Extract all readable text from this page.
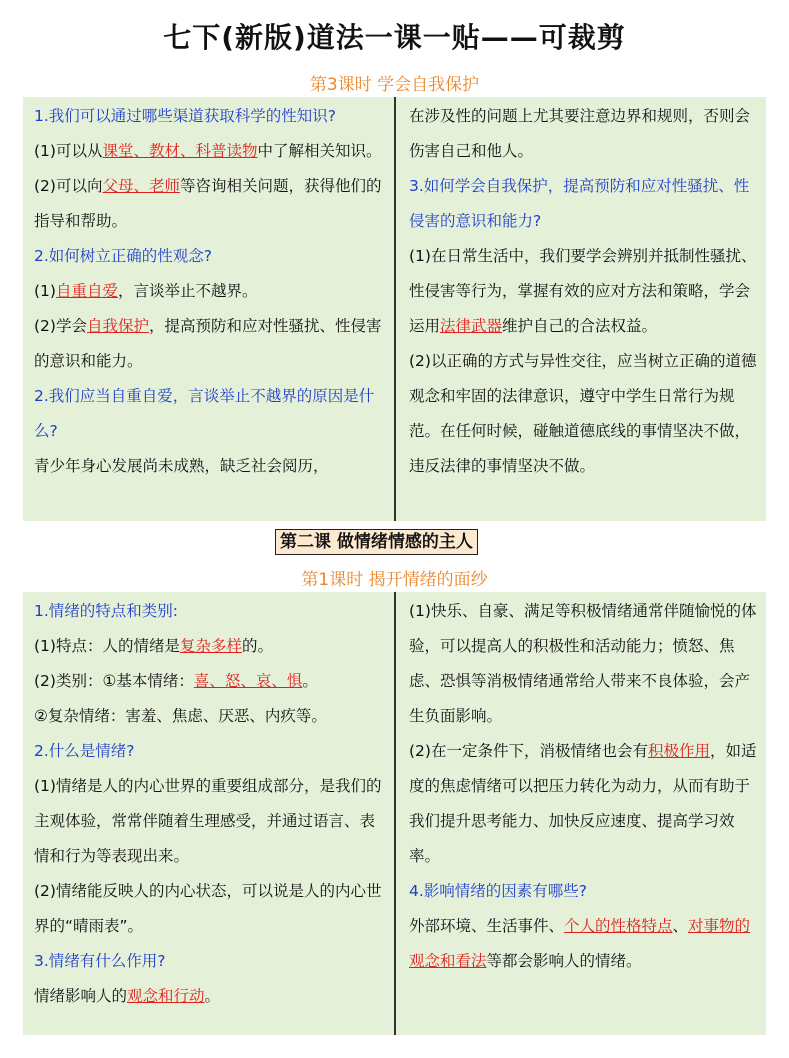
七下(新版)道法一课一贴——可裁剪
第3课时 学会自我保护

1.我们可以通过哪些渠道获取科学的性知识?

(1)可以从课堂、教材、科普读物中了解相关知识。(2)可以向父母、老师等咨询相关问题，获得他们的指导和帮助。

2.如何树立正确的性观念?

(1)自重自爱，言谈举止不越界。

(2)学会自我保护，提高预防和应对性骚扰、性侵害的意识和能力。

2.我们应当自重自爱，言谈举止不越界的原因是什么?

青少年身心发展尚未成熟，缺乏社会阅历，

在涉及性的问题上尤其要注意边界和规则，否则会伤害自己和他人。

3.如何学会自我保护，提高预防和应对性骚扰、性侵害的意识和能力?

(1)在日常生活中，我们要学会辨别并抵制性骚扰、性侵害等行为，掌握有效的应对方法和策略，学会运用法律武器维护自己的合法权益。

(2)以正确的方式与异性交往，应当树立正确的道德观念和牢固的法律意识，遵守中学生日常行为规范。在任何时候，碰触道德底线的事情坚决不做，违反法律的事情坚决不做。

第二课 做情绪情感的主人
第1课时 揭开情绪的面纱

1.情绪的特点和类别:

(1)特点：人的情绪是复杂多样的。

(2)类别：①基本情绪：喜、怒、哀、惧。

②复杂情绪：害羞、焦虑、厌恶、内疚等。

2.什么是情绪?

(1)情绪是人的内心世界的重要组成部分，是我们的主观体验，常常伴随着生理感受，并通过语言、表情和行为等表现出来。

(2)情绪能反映人的内心状态，可以说是人的内心世界的“晴雨表”。

3.情绪有什么作用?

情绪影响人的观念和行动。

(1)快乐、自豪、满足等积极情绪通常伴随愉悦的体验，可以提高人的积极性和活动能力；愤怒、焦虑、恐惧等消极情绪通常给人带来不良体验，会产生负面影响。

(2)在一定条件下，消极情绪也会有积极作用，如适度的焦虑情绪可以把压力转化为动力，从而有助于我们提升思考能力、加快反应速度、提高学习效率。

4.影响情绪的因素有哪些?

外部环境、生活事件、个人的性格特点、对事物的观念和看法等都会影响人的情绪。
